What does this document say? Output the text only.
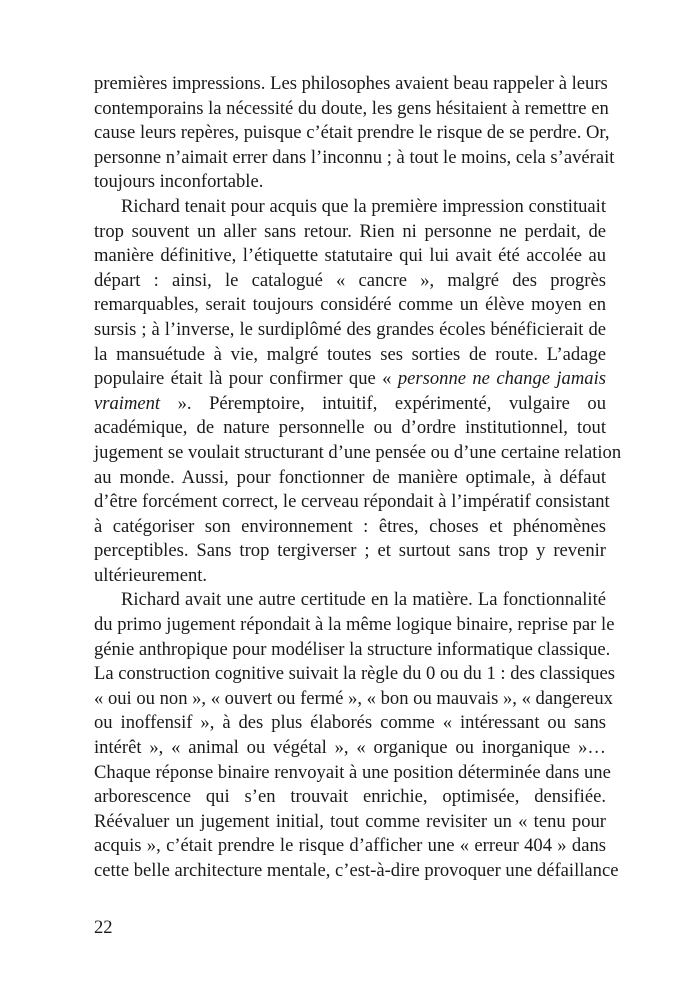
premières impressions. Les philosophes avaient beau rappeler à leurs
contemporains la nécessité du doute, les gens hésitaient à remettre en
cause leurs repères, puisque c’était prendre le risque de se perdre. Or,
personne n’aimait errer dans l’inconnu ; à tout le moins, cela s’avérait
toujours inconfortable.
Richard tenait pour acquis que la première impression constituait
trop souvent un aller sans retour. Rien ni personne ne perdait, de
manière définitive, l’étiquette statutaire qui lui avait été accolée au
départ : ainsi, le catalogué « cancre », malgré des progrès
remarquables, serait toujours considéré comme un élève moyen en
sursis ; à l’inverse, le surdiplômé des grandes écoles bénéficierait de
la mansuétude à vie, malgré toutes ses sorties de route. L’adage
populaire était là pour confirmer que « personne ne change jamais
vraiment ». Péremptoire, intuitif, expérimenté, vulgaire ou
académique, de nature personnelle ou d’ordre institutionnel, tout
jugement se voulait structurant d’une pensée ou d’une certaine relation
au monde. Aussi, pour fonctionner de manière optimale, à défaut
d’être forcément correct, le cerveau répondait à l’impératif consistant
à catégoriser son environnement : êtres, choses et phénomènes
perceptibles. Sans trop tergiverser ; et surtout sans trop y revenir
ultérieurement.
Richard avait une autre certitude en la matière. La fonctionnalité
du primo jugement répondait à la même logique binaire, reprise par le
génie anthropique pour modéliser la structure informatique classique.
La construction cognitive suivait la règle du 0 ou du 1 : des classiques
« oui ou non », « ouvert ou fermé », « bon ou mauvais », « dangereux
ou inoffensif », à des plus élaborés comme « intéressant ou sans
intérêt », « animal ou végétal », « organique ou inorganique »…
Chaque réponse binaire renvoyait à une position déterminée dans une
arborescence qui s’en trouvait enrichie, optimisée, densifiée.
Réévaluer un jugement initial, tout comme revisiter un « tenu pour
acquis », c’était prendre le risque d’afficher une « erreur 404 » dans
cette belle architecture mentale, c’est-à-dire provoquer une défaillance
22
